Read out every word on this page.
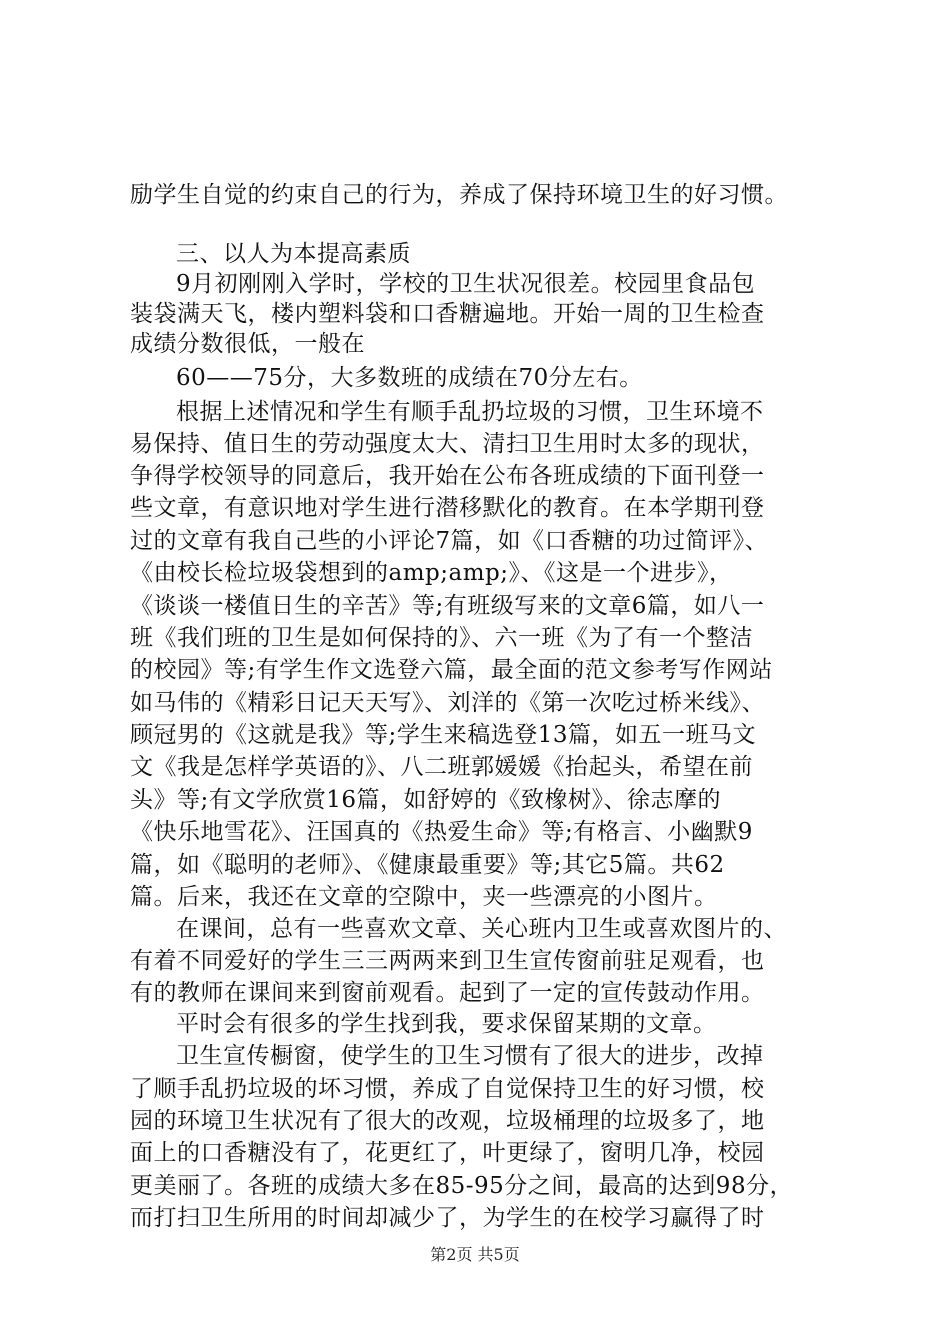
励学生自觉的约束自己的行为，养成了保持环境卫生的好习惯。
三、以人为本提高素质
9月初刚刚入学时，学校的卫生状况很差。校园里食品包
装袋满天飞，楼内塑料袋和口香糖遍地。开始一周的卫生检查
成绩分数很低，一般在
60——75分，大多数班的成绩在70分左右。
根据上述情况和学生有顺手乱扔垃圾的习惯，卫生环境不
易保持、值日生的劳动强度太大、清扫卫生用时太多的现状，
争得学校领导的同意后，我开始在公布各班成绩的下面刊登一
些文章，有意识地对学生进行潜移默化的教育。在本学期刊登
过的文章有我自己些的小评论7篇，如《口香糖的功过简评》、
《由校长检垃圾袋想到的amp;amp;》、《这是一个进步》，
《谈谈一楼值日生的辛苦》等;有班级写来的文章6篇，如八一
班《我们班的卫生是如何保持的》、六一班《为了有一个整洁
的校园》等;有学生作文选登六篇，最全面的范文参考写作网站
如马伟的《精彩日记天天写》、刘洋的《第一次吃过桥米线》、
顾冠男的《这就是我》等;学生来稿选登13篇，如五一班马文
文《我是怎样学英语的》、八二班郭媛媛《抬起头，希望在前
头》等;有文学欣赏16篇，如舒婷的《致橡树》、徐志摩的
《快乐地雪花》、汪国真的《热爱生命》等;有格言、小幽默9
篇，如《聪明的老师》、《健康最重要》等;其它5篇。共62
篇。后来，我还在文章的空隙中，夹一些漂亮的小图片。
在课间，总有一些喜欢文章、关心班内卫生或喜欢图片的、
有着不同爱好的学生三三两两来到卫生宣传窗前驻足观看，也
有的教师在课间来到窗前观看。起到了一定的宣传鼓动作用。
平时会有很多的学生找到我，要求保留某期的文章。
卫生宣传橱窗，使学生的卫生习惯有了很大的进步，改掉
了顺手乱扔垃圾的坏习惯，养成了自觉保持卫生的好习惯，校
园的环境卫生状况有了很大的改观，垃圾桶理的垃圾多了，地
面上的口香糖没有了，花更红了，叶更绿了，窗明几净，校园
更美丽了。各班的成绩大多在85-95分之间，最高的达到98分，
而打扫卫生所用的时间却减少了，为学生的在校学习赢得了时
第2页 共5页
